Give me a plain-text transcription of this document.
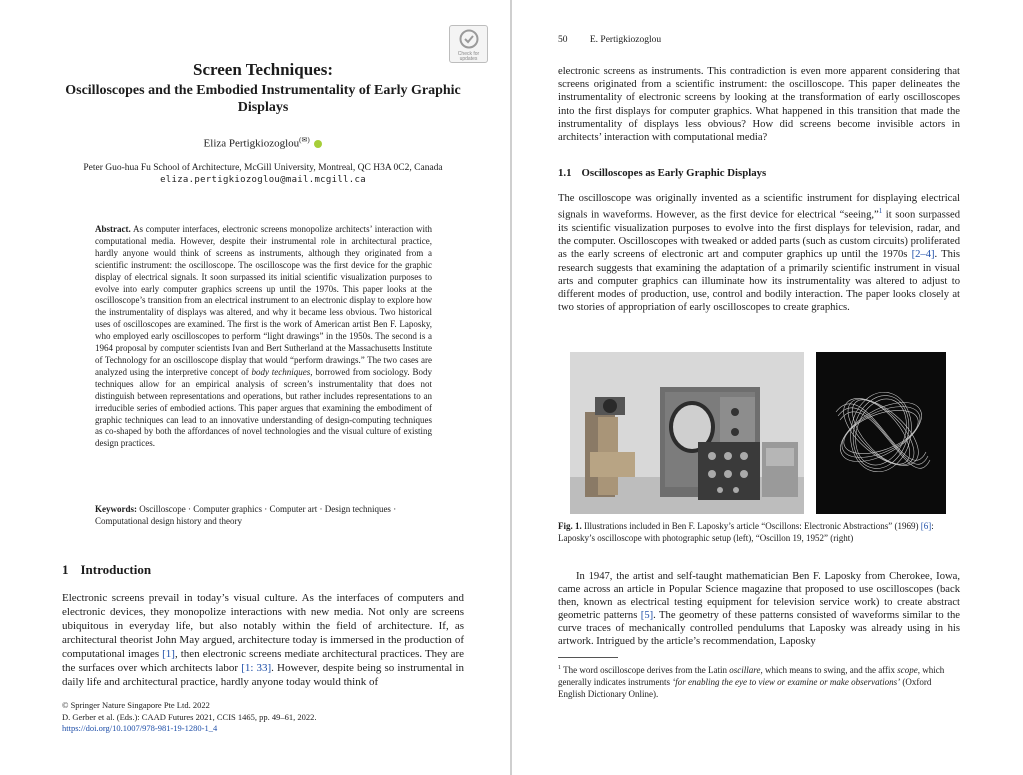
Check for
updates
Screen Techniques:
Oscilloscopes and the Embodied Instrumentality of Early Graphic Displays
Eliza Pertigkiozoglou(✉)
Peter Guo-hua Fu School of Architecture, McGill University, Montreal, QC H3A 0C2, Canada
eliza.pertigkiozoglou@mail.mcgill.ca
Abstract. As computer interfaces, electronic screens monopolize architects’ interaction with computational media. However, despite their instrumental role in architectural practice, hardly anyone would think of screens as instruments, although they originated from a scientific instrument: the oscilloscope. The oscilloscope was the first device for the graphic display of electrical signals. It soon surpassed its initial scientific visualization purposes to evolve into early computer graphics screens up until the 1970s. This paper looks at the oscilloscope’s transition from an electrical instrument to an electronic display to explore how the instrumentality of displays was altered, and why it became less obvious. Two historical uses of oscilloscopes are examined. The first is the work of American artist Ben F. Laposky, who employed early oscilloscopes to perform “light drawings” in the 1950s. The second is a 1964 proposal by computer scientists Ivan and Bert Sutherland at the Massachusetts Institute of Technology for an oscilloscope display that would “perform drawings.” The two cases are analyzed using the interpretive concept of body techniques, borrowed from sociology. Body techniques allow for an empirical analysis of screen’s instrumentality that does not distinguish between representations and operations, but rather includes representations to an irreducible series of embodied actions. This paper argues that examining the embodiment of graphic techniques can lead to an innovative understanding of design-computing techniques as co-shaped by both the affordances of novel technologies and the visual culture of existing design practices.
Keywords: Oscilloscope · Computer graphics · Computer art · Design techniques · Computational design history and theory
1 Introduction
Electronic screens prevail in today’s visual culture. As the interfaces of computers and electronic devices, they monopolize interactions with new media. Not only are screens ubiquitous in everyday life, but also notably within the field of architecture. If, as architectural theorist John May argued, architecture today is immersed in the production of computational images [1], then electronic screens mediate architectural practices. They are the surfaces over which architects labor [1: 33]. However, despite being so instrumental in daily life and architectural practice, hardly anyone today would think of
© Springer Nature Singapore Pte Ltd. 2022
D. Gerber et al. (Eds.): CAAD Futures 2021, CCIS 1465, pp. 49–61, 2022.
https://doi.org/10.1007/978-981-19-1280-1_4
50 E. Pertigkiozoglou
electronic screens as instruments. This contradiction is even more apparent considering that screens originated from a scientific instrument: the oscilloscope. This paper delineates the instrumentality of electronic screens by looking at the transformation of early oscilloscopes into the first displays for computer graphics. What happened in this transition that made the instrumentality of displays less obvious? How did screens become invisible actors in architects’ interaction with computational media?
1.1 Oscilloscopes as Early Graphic Displays
The oscilloscope was originally invented as a scientific instrument for displaying electrical signals in waveforms. However, as the first device for electrical “seeing,”$^1$ it soon surpassed its scientific visualization purposes to evolve into the first displays for television, radar, and the computer. Oscilloscopes with tweaked or added parts (such as custom circuits) proliferated as the early screens of electronic art and computer graphics up until the 1970s [2–4]. This research suggests that examining the adaptation of a primarily scientific instrument in visual arts and computer graphics can illuminate how its instrumentality was altered to adjust to different modes of production, use, control and bodily interaction. The paper looks closely at two stories of appropriation of early oscilloscopes to create graphics.
Fig. 1. Illustrations included in Ben F. Laposky’s article “Oscillons: Electronic Abstractions” (1969) [6]: Laposky’s oscilloscope with photographic setup (left), “Oscillon 19, 1952” (right)
In 1947, the artist and self-taught mathematician Ben F. Laposky from Cherokee, Iowa, came across an article in Popular Science magazine that proposed to use oscilloscopes (back then, known as electrical testing equipment for television service work) to create abstract geometric patterns [5]. The geometry of these patterns consisted of waveforms similar to the curve traces of mechanically controlled pendulums that Laposky was already using in his artwork. Intrigued by the article’s recommendation, Laposky
$^1$ The word oscilloscope derives from the Latin oscillare, which means to swing, and the affix scope, which generally indicates instruments ‘for enabling the eye to view or examine or make observations’ (Oxford English Dictionary Online).
